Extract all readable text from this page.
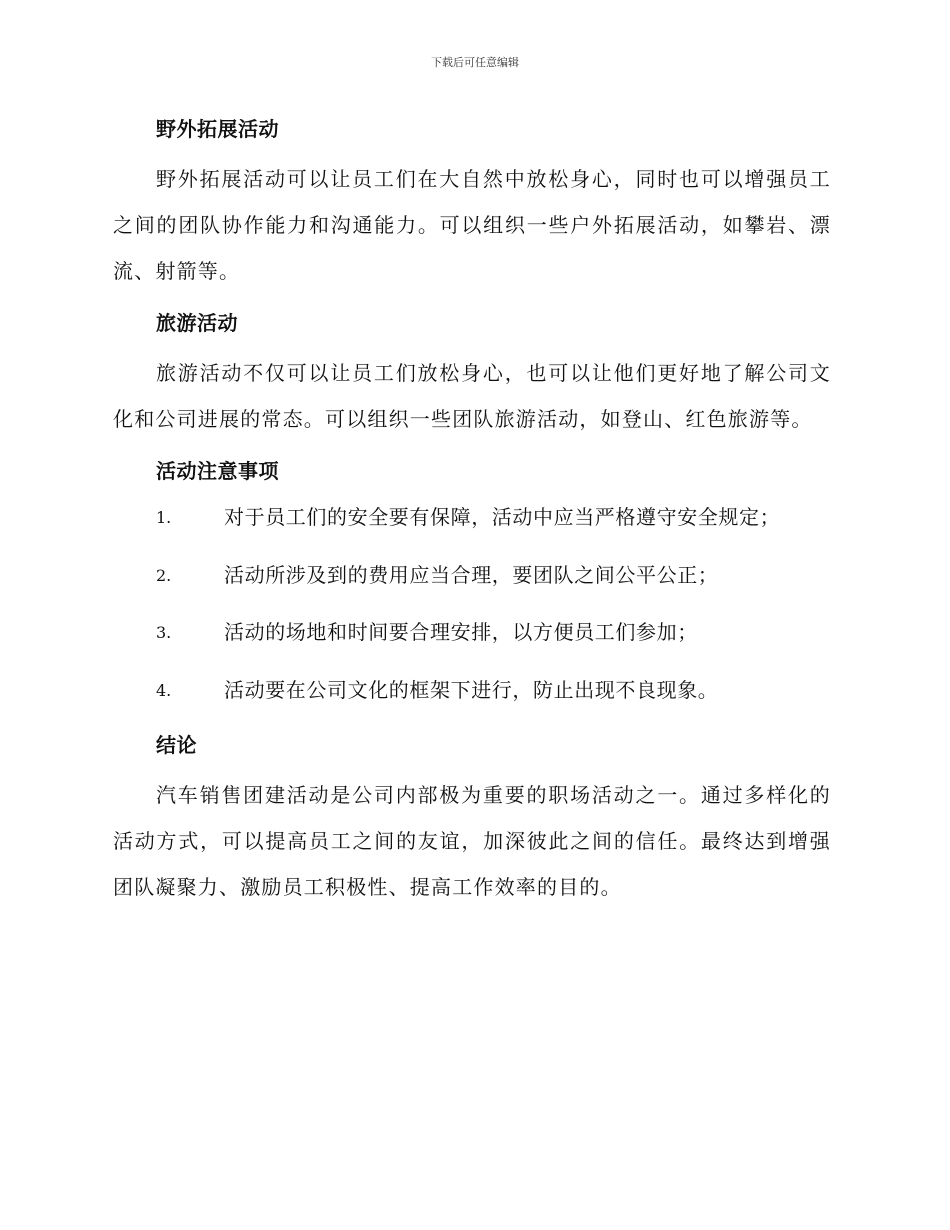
下载后可任意编辑
野外拓展活动

野外拓展活动可以让员工们在大自然中放松身心，同时也可以增强员工之间的团队协作能力和沟通能力。可以组织一些户外拓展活动，如攀岩、漂流、射箭等。

旅游活动

旅游活动不仅可以让员工们放松身心，也可以让他们更好地了解公司文化和公司进展的常态。可以组织一些团队旅游活动，如登山、红色旅游等。

活动注意事项
1.	对于员工们的安全要有保障，活动中应当严格遵守安全规定；
2.	活动所涉及到的费用应当合理，要团队之间公平公正；
3.	活动的场地和时间要合理安排，以方便员工们参加；
4.	活动要在公司文化的框架下进行，防止出现不良现象。
结论

汽车销售团建活动是公司内部极为重要的职场活动之一。通过多样化的活动方式，可以提高员工之间的友谊，加深彼此之间的信任。最终达到增强团队凝聚力、激励员工积极性、提高工作效率的目的。
